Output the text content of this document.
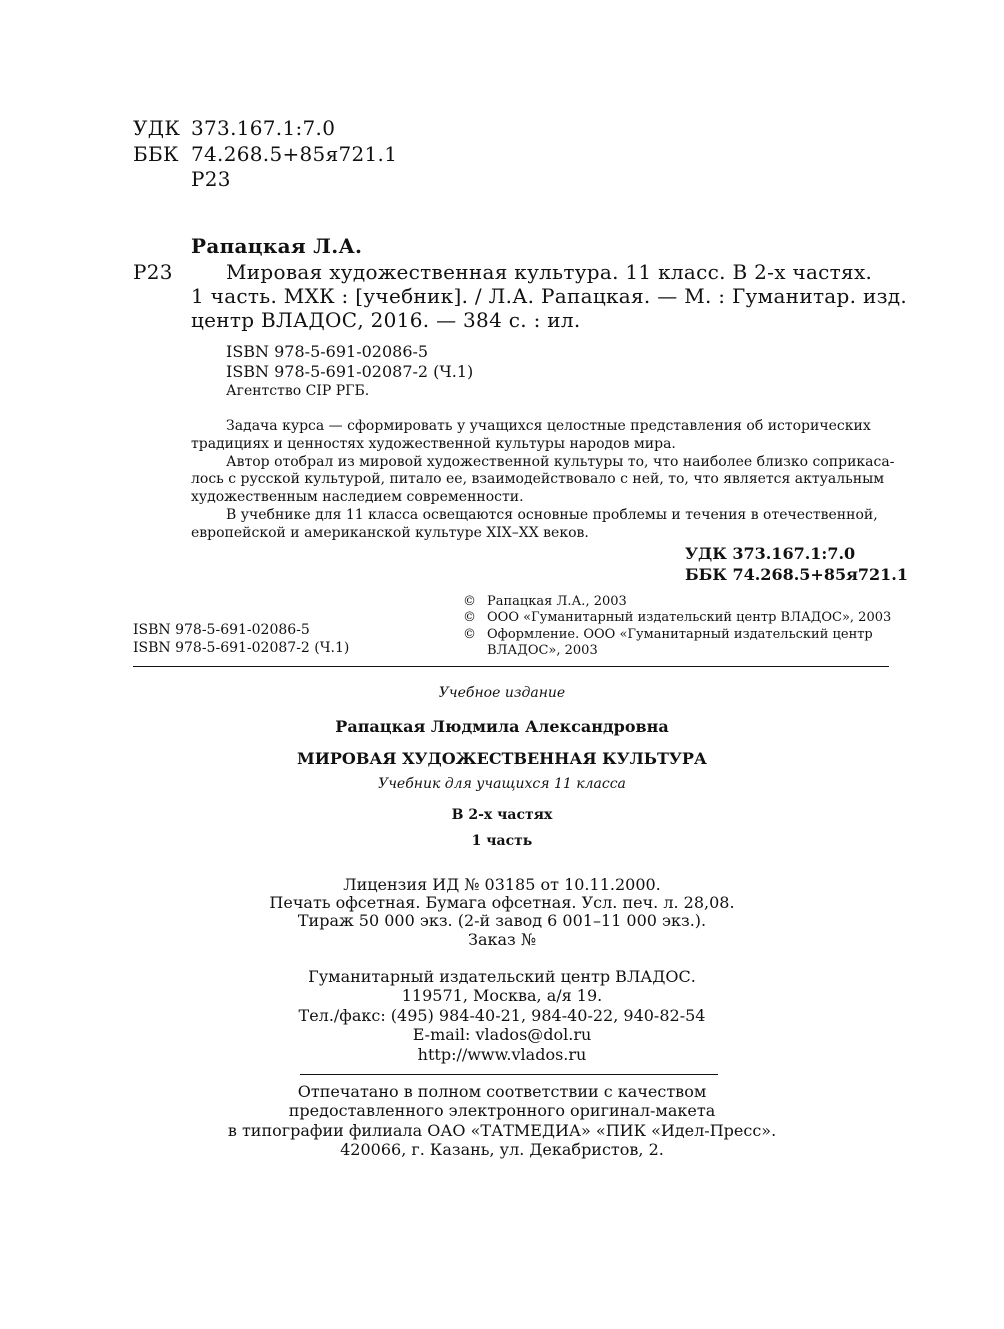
УДК 373.167.1:7.0
ББК 74.268.5+85я721.1
Р23
Рапацкая Л.А.
Р23	Мировая художественная культура. 11 класс. В 2-х частях.
1 часть. МХК : [учебник]. / Л.А. Рапацкая. — М. : Гуманитар. изд.
центр ВЛАДОС, 2016. — 384 с. : ил.
ISBN 978-5-691-02086-5
ISBN 978-5-691-02087-2 (Ч.1)
Агентство CIP РГБ.
Задача курса — сформировать у учащихся целостные представления об исторических
традициях и ценностях художественной культуры народов мира.
Автор отобрал из мировой художественной культуры то, что наиболее близко соприкаса-
лось с русской культурой, питало ее, взаимодействовало с ней, то, что является актуальным
художественным наследием современности.
В учебнике для 11 класса освещаются основные проблемы и течения в отечественной,
европейской и американской культуре XIX–XX веков.
УДК 373.167.1:7.0
ББК 74.268.5+85я721.1
© Рапацкая Л.А., 2003
© ООО «Гуманитарный издательский центр ВЛАДОС», 2003
© Оформление. ООО «Гуманитарный издательский центр
ВЛАДОС», 2003
ISBN 978-5-691-02086-5
ISBN 978-5-691-02087-2 (Ч.1)
Учебное издание
Рапацкая Людмила Александровна
МИРОВАЯ ХУДОЖЕСТВЕННАЯ КУЛЬТУРА
Учебник для учащихся 11 класса
В 2-х частях
1 часть
Лицензия ИД № 03185 от 10.11.2000.
Печать офсетная. Бумага офсетная. Усл. печ. л. 28,08.
Тираж 50 000 экз. (2-й завод 6 001–11 000 экз.).
Заказ №
Гуманитарный издательский центр ВЛАДОС.
119571, Москва, а/я 19.
Тел./факс: (495) 984-40-21, 984-40-22, 940-82-54
E-mail: vlados@dol.ru
http://www.vlados.ru
Отпечатано в полном соответствии с качеством
предоставленного электронного оригинал-макета
в типографии филиала ОАО «ТАТМЕДИА» «ПИК «Идел-Пресс».
420066, г. Казань, ул. Декабристов, 2.
